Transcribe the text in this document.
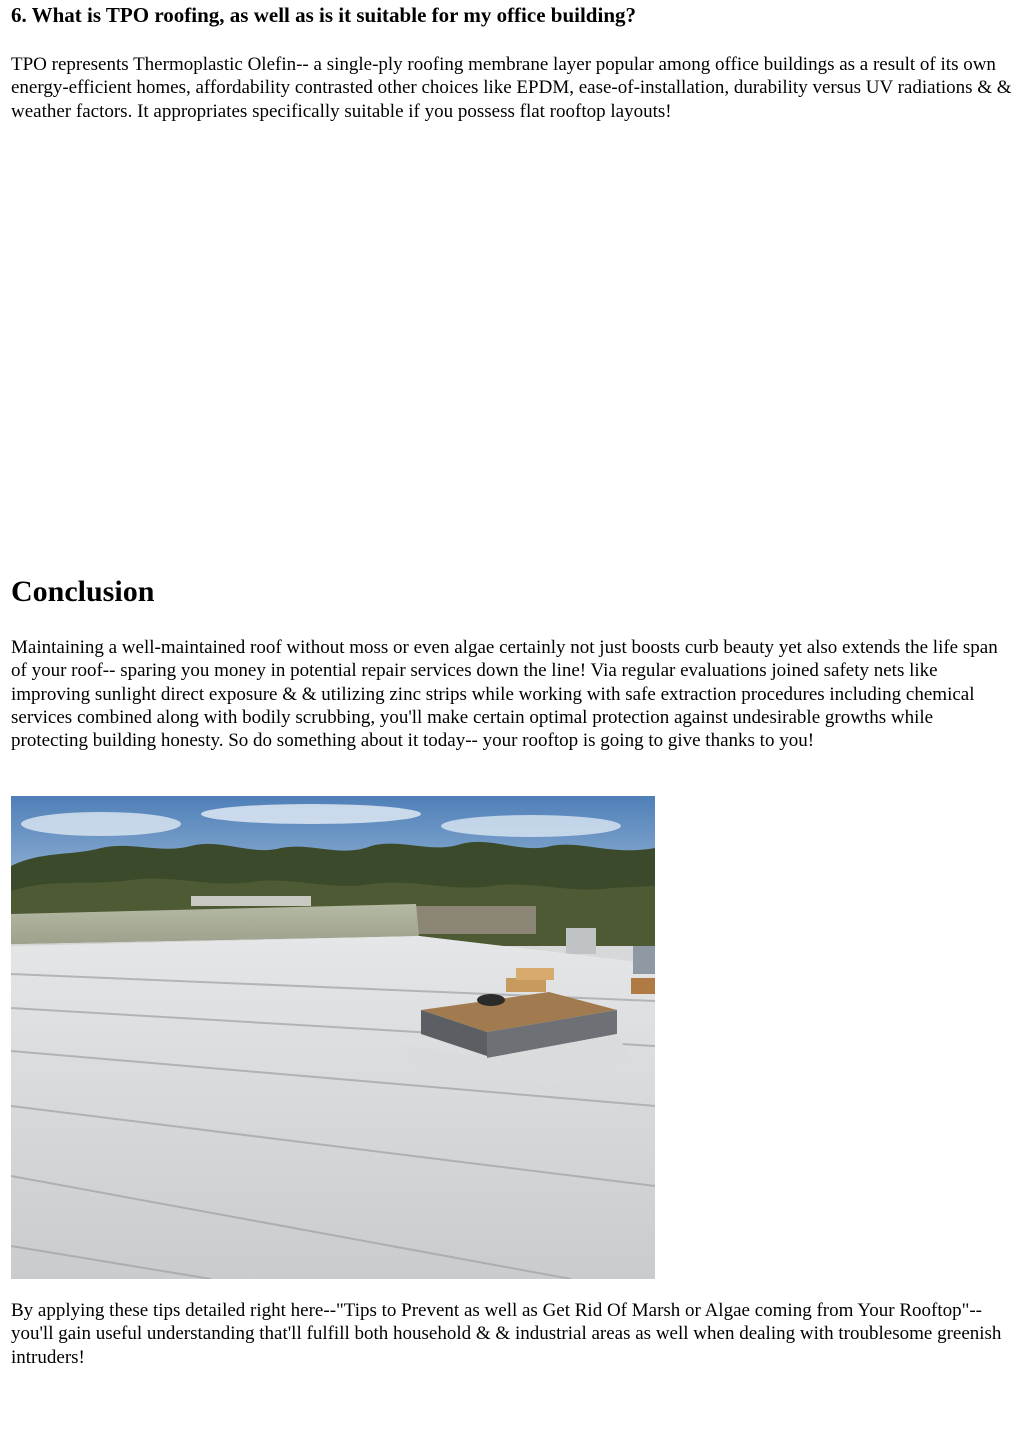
6. What is TPO roofing, as well as is it suitable for my office building?

TPO represents Thermoplastic Olefin-- a single-ply roofing membrane layer popular among office buildings as a result of its own energy-efficient homes, affordability contrasted other choices like EPDM, ease-of-installation, durability versus UV radiations & & weather factors. It appropriates specifically suitable if you possess flat rooftop layouts!

Conclusion

Maintaining a well-maintained roof without moss or even algae certainly not just boosts curb beauty yet also extends the life span of your roof-- sparing you money in potential repair services down the line! Via regular evaluations joined safety nets like improving sunlight direct exposure & & utilizing zinc strips while working with safe extraction procedures including chemical services combined along with bodily scrubbing, you'll make certain optimal protection against undesirable growths while protecting building honesty. So do something about it today-- your rooftop is going to give thanks to you!

By applying these tips detailed right here--"Tips to Prevent as well as Get Rid Of Marsh or Algae coming from Your Rooftop"-- you'll gain useful understanding that'll fulfill both household & & industrial areas as well when dealing with troublesome greenish intruders!
